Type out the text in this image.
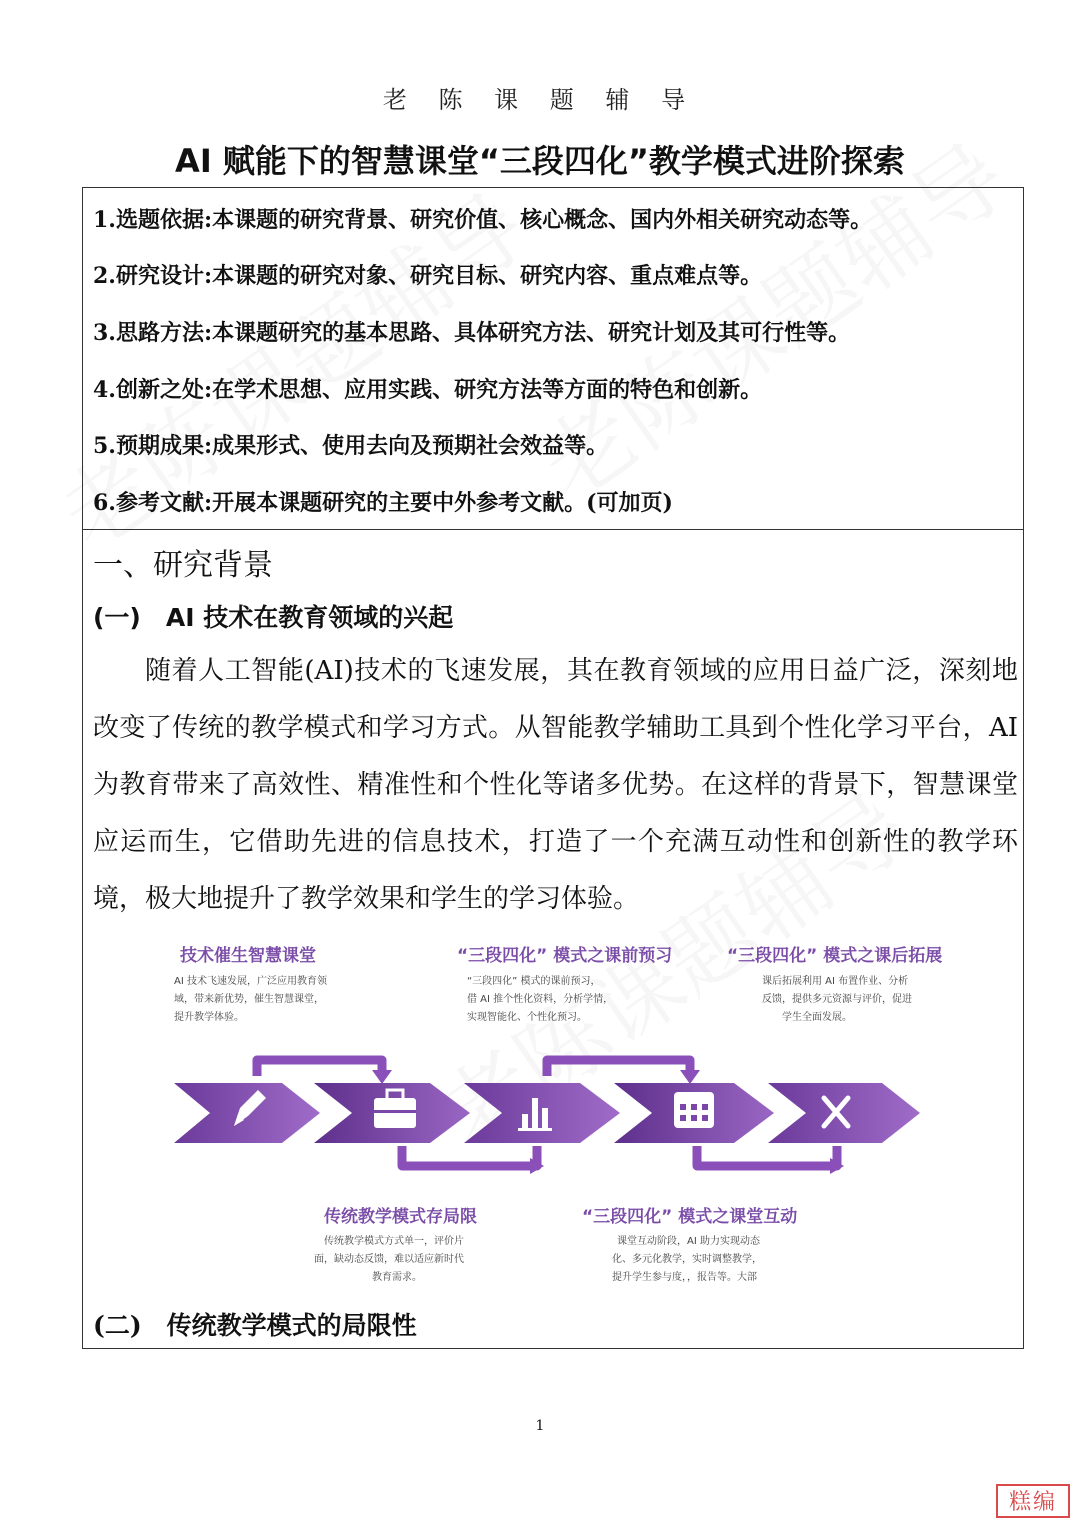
老 陈 课 题 辅 导
AI 赋能下的智慧课堂“三段四化”教学模式进阶探索
1.选题依据:本课题的研究背景、研究价值、核心概念、国内外相关研究动态等。
2.研究设计:本课题的研究对象、研究目标、研究内容、重点难点等。
3.思路方法:本课题研究的基本思路、具体研究方法、研究计划及其可行性等。
4.创新之处:在学术思想、应用实践、研究方法等方面的特色和创新。
5.预期成果:成果形式、使用去向及预期社会效益等。
6.参考文献:开展本课题研究的主要中外参考文献。(可加页)
一、研究背景
(一)　AI 技术在教育领域的兴起
随着人工智能(AI)技术的飞速发展，其在教育领域的应用日益广泛，深刻地改变了传统的教学模式和学习方式。从智能教学辅助工具到个性化学习平台，AI 为教育带来了高效性、精准性和个性化等诸多优势。在这样的背景下，智慧课堂应运而生，它借助先进的信息技术，打造了一个充满互动性和创新性的教学环境，极大地提升了教学效果和学生的学习体验。
(二)　传统教学模式的局限性
技术催生智慧课堂
AI 技术飞速发展，广泛应用教育领
域，带来新优势，催生智慧课堂，
提升教学体验。
“三段四化” 模式之课前预习
“三段四化” 模式的课前预习，
借 AI 推个性化资料，分析学情，
实现智能化、个性化预习。
“三段四化” 模式之课后拓展
课后拓展利用 AI 布置作业、分析
反馈，提供多元资源与评价，促进
学生全面发展。
传统教学模式存局限
传统教学模式方式单一，评价片
面，缺动态反馈，难以适应新时代
教育需求。
“三段四化” 模式之课堂互动
课堂互动阶段，AI 助力实现动态
化、多元化教学，实时调整教学，
提升学生参与度，，报告等。大部
1
糕编
